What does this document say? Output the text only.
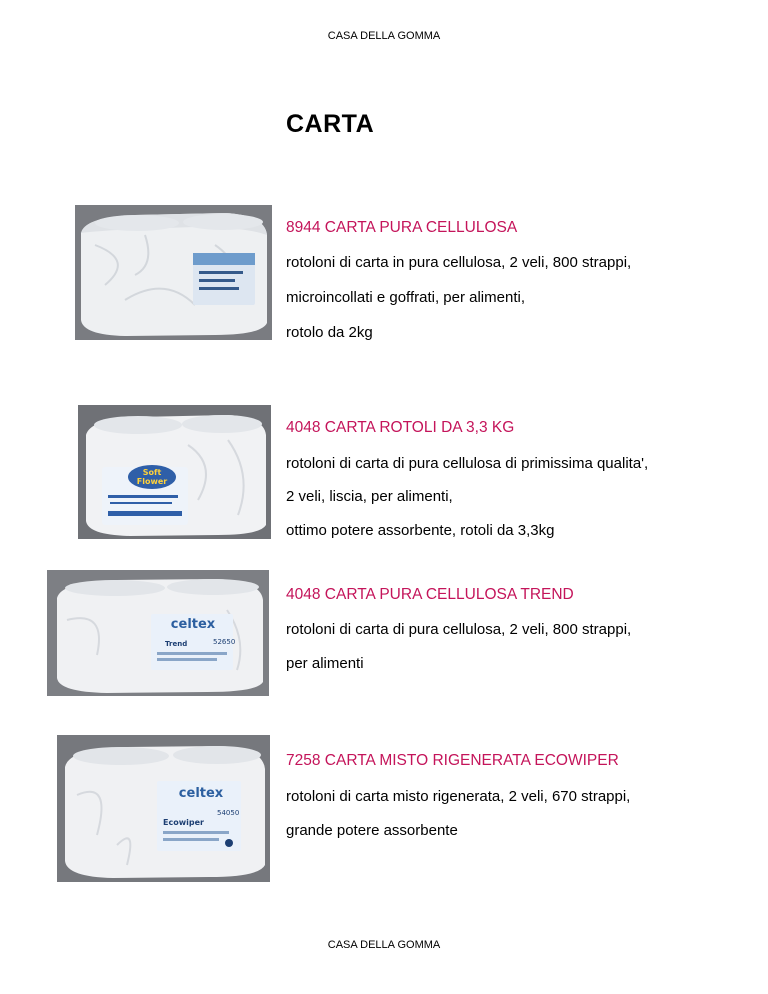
CASA DELLA GOMMA
CARTA
8944 CARTA PURA CELLULOSA
rotoloni di carta in pura cellulosa, 2 veli, 800 strappi,
microincollati e goffrati, per alimenti,
rotolo da 2kg
Soft
Flower
4048 CARTA ROTOLI DA 3,3 KG
rotoloni di carta di pura cellulosa di primissima qualita',
2 veli, liscia, per alimenti,
ottimo potere assorbente, rotoli da 3,3kg
celtex
Trend	52650
4048 CARTA PURA CELLULOSA TREND
rotoloni di carta di pura cellulosa, 2 veli, 800 strappi,
per alimenti
celtex
Ecowiper
54050
7258 CARTA MISTO RIGENERATA ECOWIPER
rotoloni di carta misto rigenerata, 2 veli, 670 strappi,
grande potere assorbente
CASA DELLA GOMMA
